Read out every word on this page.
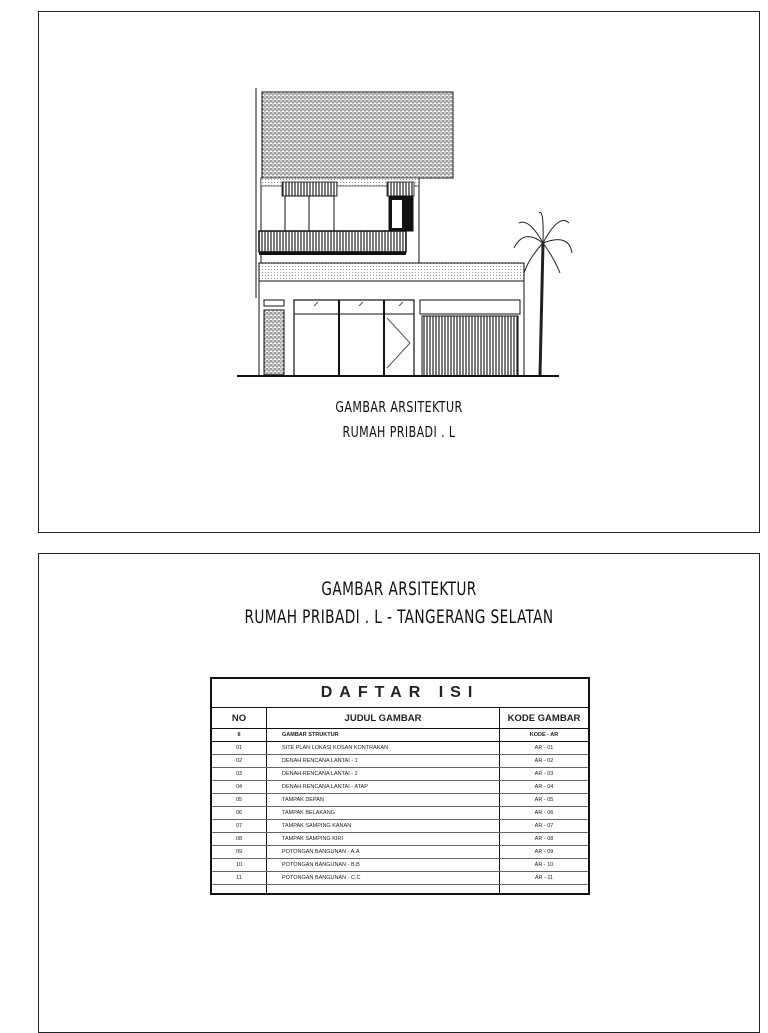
GAMBAR ARSITEKTUR
RUMAH PRIBADI . L
GAMBAR ARSITEKTUR
RUMAH PRIBADI . L - TANGERANG SELATAN
DAFTAR ISI		
NO	JUDUL GAMBAR	KODE GAMBAR
II	GAMBAR STRUKTUR	KODE - AR
01	SITE PLAN LOKASI KOSAN KONTRAKAN	AR - 01
02	DENAH RENCANA LANTAI - 1	AR - 02
03	DENAH RENCANA LANTAI - 2	AR - 03
04	DENAH RENCANA LANTAI - ATAP	AR - 04
05	TAMPAK DEPAN	AR - 05
06	TAMPAK BELAKANG	AR - 06
07	TAMPAK SAMPING KANAN	AR - 07
08	TAMPAK SAMPING KIRI	AR - 08
09	POTONGAN BANGUNAN - A.A	AR - 09
10	POTONGAN BANGUNAN - B.B	AR - 10
11	POTONGAN BANGUNAN - C.C	AR - 11
